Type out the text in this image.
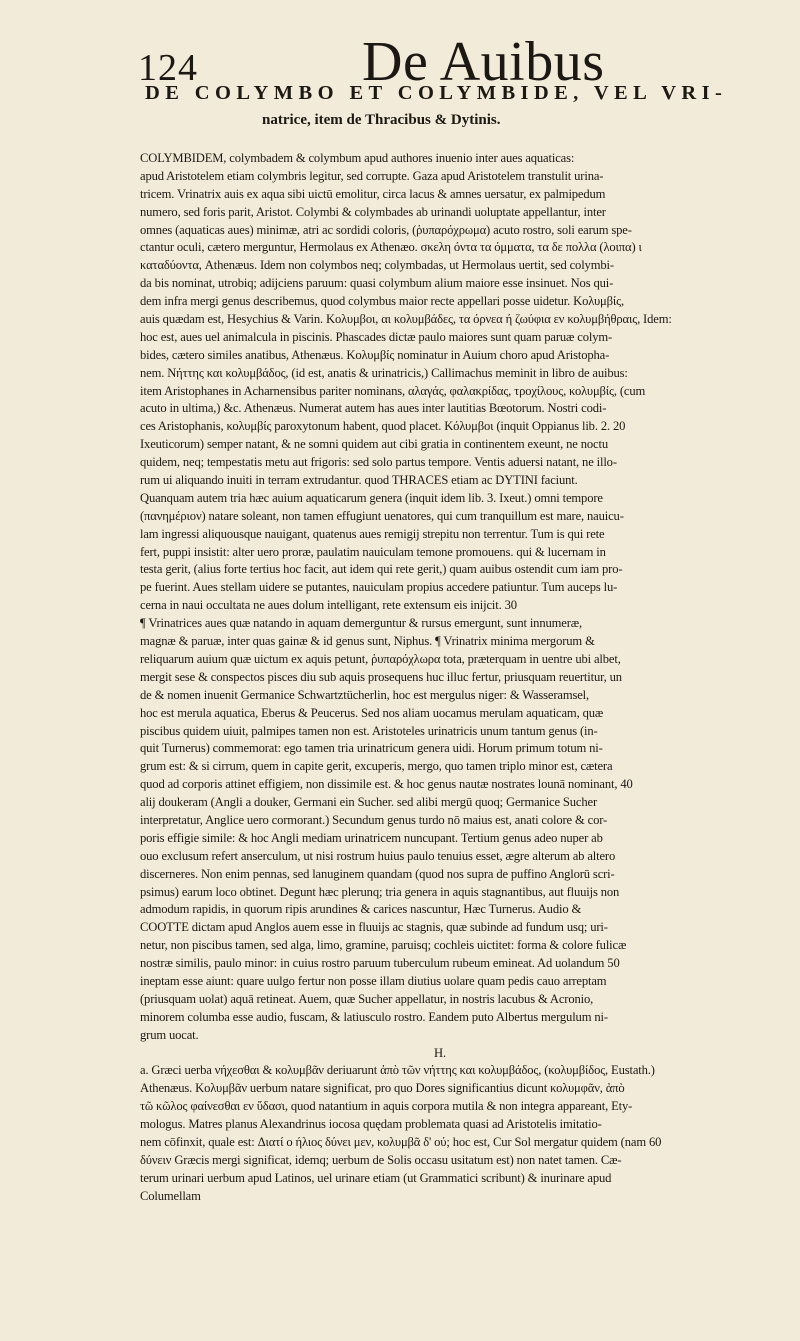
124	De Auibus
DE COLYMBO ET COLYMBIDE, VEL VRI-
natrice, item de Thracibus & Dytinis.
COLYMBIDEM, colymbadem & colymbum apud authores inuenio inter aues aquaticas:
apud Aristotelem etiam colymbris legitur, sed corrupte. Gaza apud Aristotelem transtulit urina-
tricem. Vrinatrix auis ex aqua sibi uictū emolitur, circa lacus & amnes uersatur, ex palmipedum
numero, sed foris parit, Aristot. Colymbi & colymbades ab urinandi uoluptate appellantur, inter
omnes (aquaticas aues) minimæ, atri ac sordidi coloris, (ῥυπαρόχρωμα) acuto rostro, soli earum spe-
ctantur oculi, cætero merguntur, Hermolaus ex Athenæo. σκελη όντα τα όμματα, τα δε πολλα (λοιπα) ι
καταδύοντα, Athenæus. Idem non colymbos neq; colymbadas, ut Hermolaus uertit, sed colymbi-
da bis nominat, utrobiq; adijciens paruum: quasi colymbum alium maiore esse insinuet. Nos qui-
dem infra mergi genus describemus, quod colymbus maior recte appellari posse uidetur. Κολυμβίς,
auis quædam est, Hesychius & Varin. Κολυμβοι, αι κολυμβάδες, τα όρνεα ή ζωύφια εν κολυμβήθραις, Idem:
hoc est, aues uel animalcula in piscinis. Phascades dictæ paulo maiores sunt quam paruæ colym-
bides, cætero similes anatibus, Athenæus. Κολυμβίς nominatur in Auium choro apud Aristopha-
nem. Νήττης και κολυμβάδος, (id est, anatis & urinatricis,) Callimachus meminit in libro de auibus:
item Aristophanes in Acharnensibus pariter nominans, αλαγάς, φαλακρίδας, τροχίλους, κολυμβίς, (cum
acuto in ultima,) &c. Athenæus. Numerat autem has aues inter lautitias Bœotorum. Nostri codi-
ces Aristophanis, κολυμβίς paroxytonum habent, quod placet. Κόλυμβοι (inquit Oppianus lib. 2. 20
Ixeuticorum) semper natant, & ne somni quidem aut cibi gratia in continentem exeunt, ne noctu
quidem, neq; tempestatis metu aut frigoris: sed solo partus tempore. Ventis aduersi natant, ne illo-
rum ui aliquando inuiti in terram extrudantur. quod THRACES etiam ac DYTINI faciunt.
Quanquam autem tria hæc auium aquaticarum genera (inquit idem lib. 3. Ixeut.) omni tempore
(πανημέριον) natare soleant, non tamen effugiunt uenatores, qui cum tranquillum est mare, nauicu-
lam ingressi aliquousque nauigant, quatenus aues remigij strepitu non terrentur. Tum is qui rete
fert, puppi insistit: alter uero proræ, paulatim nauiculam temone promouens. qui & lucernam in
testa gerit, (alius forte tertius hoc facit, aut idem qui rete gerit,) quam auibus ostendit cum iam pro-
pe fuerint. Aues stellam uidere se putantes, nauiculam propius accedere patiuntur. Tum auceps lu-
cerna in naui occultata ne aues dolum intelligant, rete extensum eis inijcit. 30
¶ Vrinatrices aues quæ natando in aquam demerguntur & rursus emergunt, sunt innumeræ,
magnæ & paruæ, inter quas gainæ & id genus sunt, Niphus. ¶ Vrinatrix minima mergorum &
reliquarum auium quæ uictum ex aquis petunt, ῥυπαρόχλωρα tota, præterquam in uentre ubi albet,
mergit sese & conspectos pisces diu sub aquis prosequens huc illuc fertur, priusquam reuertitur, un
de & nomen inuenit Germanice Schwartztücherlin, hoc est mergulus niger: & Wasseramsel,
hoc est merula aquatica, Eberus & Peucerus. Sed nos aliam uocamus merulam aquaticam, quæ
piscibus quidem uiuit, palmipes tamen non est. Aristoteles urinatricis unum tantum genus (in-
quit Turnerus) commemorat: ego tamen tria urinatricum genera uidi. Horum primum totum ni-
grum est: & si cirrum, quem in capite gerit, excuperis, mergo, quo tamen triplo minor est, cætera
quod ad corporis attinet effigiem, non dissimile est. & hoc genus nautæ nostrates lounā nominant, 40
alij doukeram (Angli a douker, Germani ein Sucher. sed alibi mergū quoq; Germanice Sucher
interpretatur, Anglice uero cormorant.) Secundum genus turdo nō maius est, anati colore & cor-
poris effigie simile: & hoc Angli mediam urinatricem nuncupant. Tertium genus adeo nuper ab
ouo exclusum refert anserculum, ut nisi rostrum huius paulo tenuius esset, ægre alterum ab altero
discerneres. Non enim pennas, sed lanuginem quandam (quod nos supra de puffino Anglorū scri-
psimus) earum loco obtinet. Degunt hæc plerunq; tria genera in aquis stagnantibus, aut fluuijs non
admodum rapidis, in quorum ripis arundines & carices nascuntur, Hæc Turnerus. Audio &
COOTTE dictam apud Anglos auem esse in fluuijs ac stagnis, quæ subinde ad fundum usq; uri-
netur, non piscibus tamen, sed alga, limo, gramine, paruisq; cochleis uictitet: forma & colore fulicæ
nostræ similis, paulo minor: in cuius rostro paruum tuberculum rubeum emineat. Ad uolandum 50
ineptam esse aiunt: quare uulgo fertur non posse illam diutius uolare quam pedis cauo arreptam
(priusquam uolat) aquā retineat. Auem, quæ Sucher appellatur, in nostris lacubus & Acronio,
minorem columba esse audio, fuscam, & latiusculo rostro. Eandem puto Albertus mergulum ni-
grum uocat.
H.
a. Græci uerba νήχεσθαι & κολυμβᾶν deriuarunt ἀπὸ τῶν νήττης και κολυμβάδος, (κολυμβίδος, Eustath.)
Athenæus. Κολυμβᾶν uerbum natare significat, pro quo Dores significantius dicunt κολυμφᾶν, ἀπὸ
τῶ κῶλος φαίνεσθαι εν ὕδασι, quod natantium in aquis corpora mutila & non integra appareant, Ety-
mologus. Matres planus Alexandrinus iocosa quędam problemata quasi ad Aristotelis imitatio-
nem cōfinxit, quale est: Διατί ο ήλιος δύνει μεν, κολυμβᾶ δ' ού; hoc est, Cur Sol mergatur quidem (nam 60
δύνειν Græcis mergi significat, idemq; uerbum de Solis occasu usitatum est) non natet tamen. Cæ-
terum urinari uerbum apud Latinos, uel urinare etiam (ut Grammatici scribunt) & inurinare apud
Columellam
